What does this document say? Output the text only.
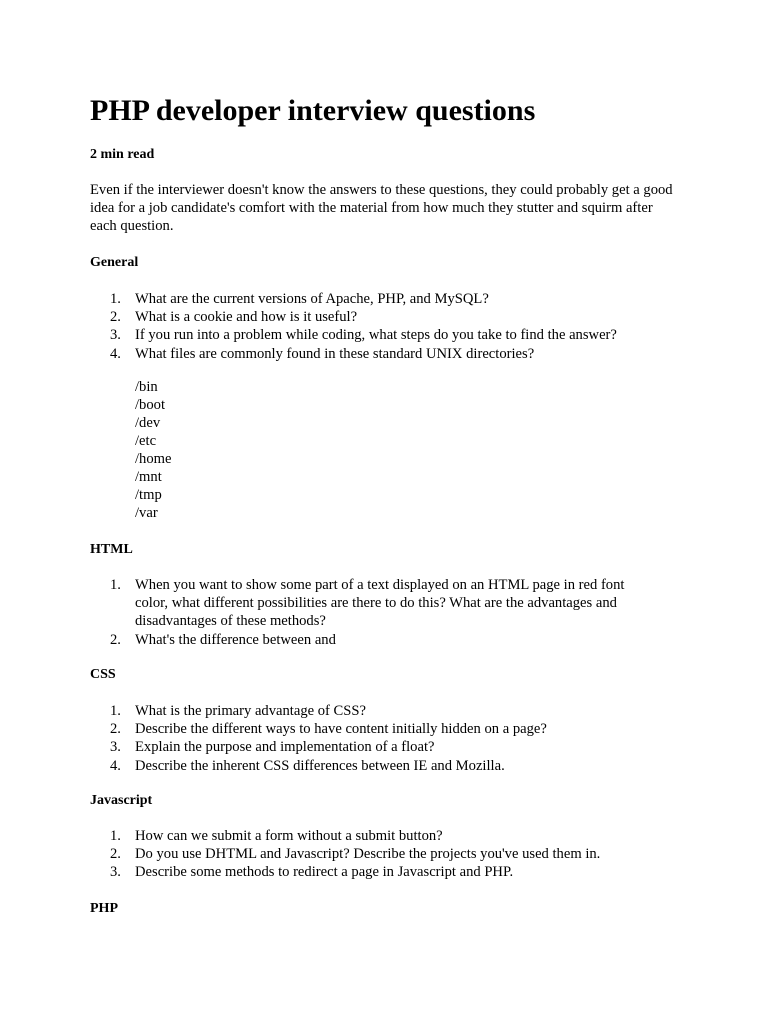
PHP developer interview questions

2 min read

Even if the interviewer doesn't know the answers to these questions, they could probably get a good idea for a job candidate's comfort with the material from how much they stutter and squirm after each question.

General
1. What are the current versions of Apache, PHP, and MySQL?
2. What is a cookie and how is it useful?
3. If you run into a problem while coding, what steps do you take to find the answer?
4. What files are commonly found in these standard UNIX directories?
/bin
/boot
/dev
/etc
/home
/mnt
/tmp
/var
HTML
1. When you want to show some part of a text displayed on an HTML page in red font color, what different possibilities are there to do this? What are the advantages and disadvantages of these methods?
2. What's the difference between and
CSS
1. What is the primary advantage of CSS?
2. Describe the different ways to have content initially hidden on a page?
3. Explain the purpose and implementation of a float?
4. Describe the inherent CSS differences between IE and Mozilla.
Javascript
1. How can we submit a form without a submit button?
2. Do you use DHTML and Javascript? Describe the projects you've used them in.
3. Describe some methods to redirect a page in Javascript and PHP.
PHP
